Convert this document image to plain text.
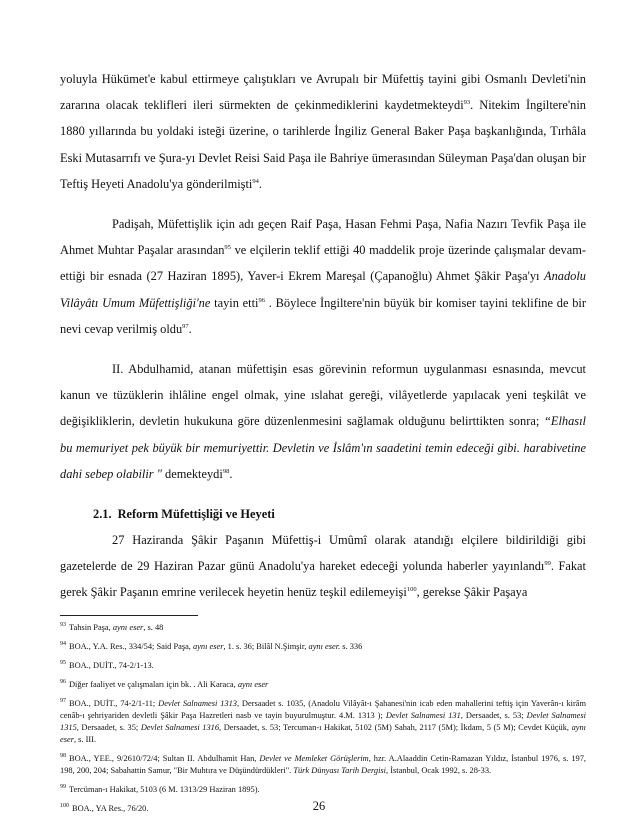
yoluyla Hükümet'e kabul ettirmeye çalıştıkları ve Avrupalı bir Müfettiş tayini gibi Osmanlı Devleti'nin zararına olacak teklifleri ileri sürmekten de çekinmediklerini kaydetmekteydi$^{93}$. Nitekim İngiltere'nin 1880 yıllarında bu yoldaki isteği üzerine, o tarihlerde İngiliz General Baker Paşa başkanlığında, Tırhâla Eski Mutasarrıfı ve Şura-yı Devlet Reisi Said Paşa ile Bahriye ümerasından Süleyman Paşa'dan oluşan bir Teftiş Heyeti Anadolu'ya gönderilmişti$^{94}$.

Padişah, Müfettişlik için adı geçen Raif Paşa, Hasan Fehmi Paşa, Nafia Nazırı Tevfik Paşa ile Ahmet Muhtar Paşalar arasından$^{95}$ ve elçilerin teklif ettiği 40 maddelik proje üzerinde çalışmalar devam- ettiği bir esnada (27 Haziran 1895), Yaver-i Ekrem Mareşal (Çapanoğlu) Ahmet Şâkir Paşa'yı Anadolu Vilâyâtı Umum Müfettişliği'ne tayin etti$^{96}$ . Böylece İngiltere'nin büyük bir komiser tayini teklifine de bir nevi cevap verilmiş oldu$^{97}$.

II. Abdulhamid, atanan müfettişin esas görevinin reformun uygulanması esnasında, mevcut kanun ve tüzüklerin ihlâline engel olmak, yine ıslahat gereği, vilâyetlerde yapılacak yeni teşkilât ve değişikliklerin, devletin hukukuna göre düzenlenmesini sağlamak olduğunu belirttikten sonra; “Elhasıl bu memuriyet pek büyük bir memuriyettir. Devletin ve İslâm'ın saadetini temin edeceği gibi. harabivetine dahi sebep olabilir " demekteydi$^{98}$.

2.1. Reform Müfettişliği ve Heyeti

27 Haziranda Şâkir Paşanın Müfettiş-i Umûmî olarak atandığı elçilere bildirildiği gibi gazetelerde de 29 Haziran Pazar günü Anadolu'ya hareket edeceği yolunda haberler yayınlandı$^{99}$. Fakat gerek Şâkir Paşanın emrine verilecek heyetin henüz teşkil edilemeyişi$^{100}$, gerekse Şâkir Paşaya

$^{93}$ Tahsin Paşa, aynı eser, s. 48
$^{94}$ BOA., Y.A. Res., 334/54; Said Paşa, aynı eser, 1. s. 36; Bilâl N.Şimşir, aynı eser. s. 336
$^{95}$ BOA., DUİT., 74-2/1-13.
$^{96}$ Diğer faaliyet ve çalışmaları için bk. . Ali Karaca, aynı eser
$^{97}$ BOA., DUİT., 74-2/1-11; Devlet Salnamesi 1313, Dersaadet s. 1035, (Anadolu Vilâyât-ı Şahanesi'nin icab eden mahallerini teftiş için Yaverân-ı kirâm cenâb-ı şehriyariden devletli Şâkir Paşa Hazretleri nasb ve tayin buyurulmuştur. 4.M. 1313 ); Devlet Salnamesi 131, Dersaadet, s. 53; Devlet Salnamesi 1315, Dersaadet, s. 35; Devlet Salnamesi 1316, Dersaadet, s. 53; Tercuman-ı Hakikat, 5102 (5M) Sahah, 2117 (5M); İkdam, 5 (5 M); Cevdet Küçük, aynı eser, s. III.
$^{98}$ BOA., YEE., 9/2610/72/4; Sultan II. Abdulhamit Han, Devlet ve Memleket Görüşlerim, hzr. A.Alaaddin Cetin-Ramazan Yıldız, İstanbul 1976, s. 197, 198, 200, 204; Sabahattin Samur, "Bir Muhtıra ve Düşündürdükleri". Türk Dünyası Tarih Dergisi, İstanbul, Ocak 1992, s. 28-33.
$^{99}$ Tercüman-ı Hakikat, 5103 (6 M. 1313/29 Haziran 1895).
$^{100}$ BOA., YA Res., 76/20.	26
